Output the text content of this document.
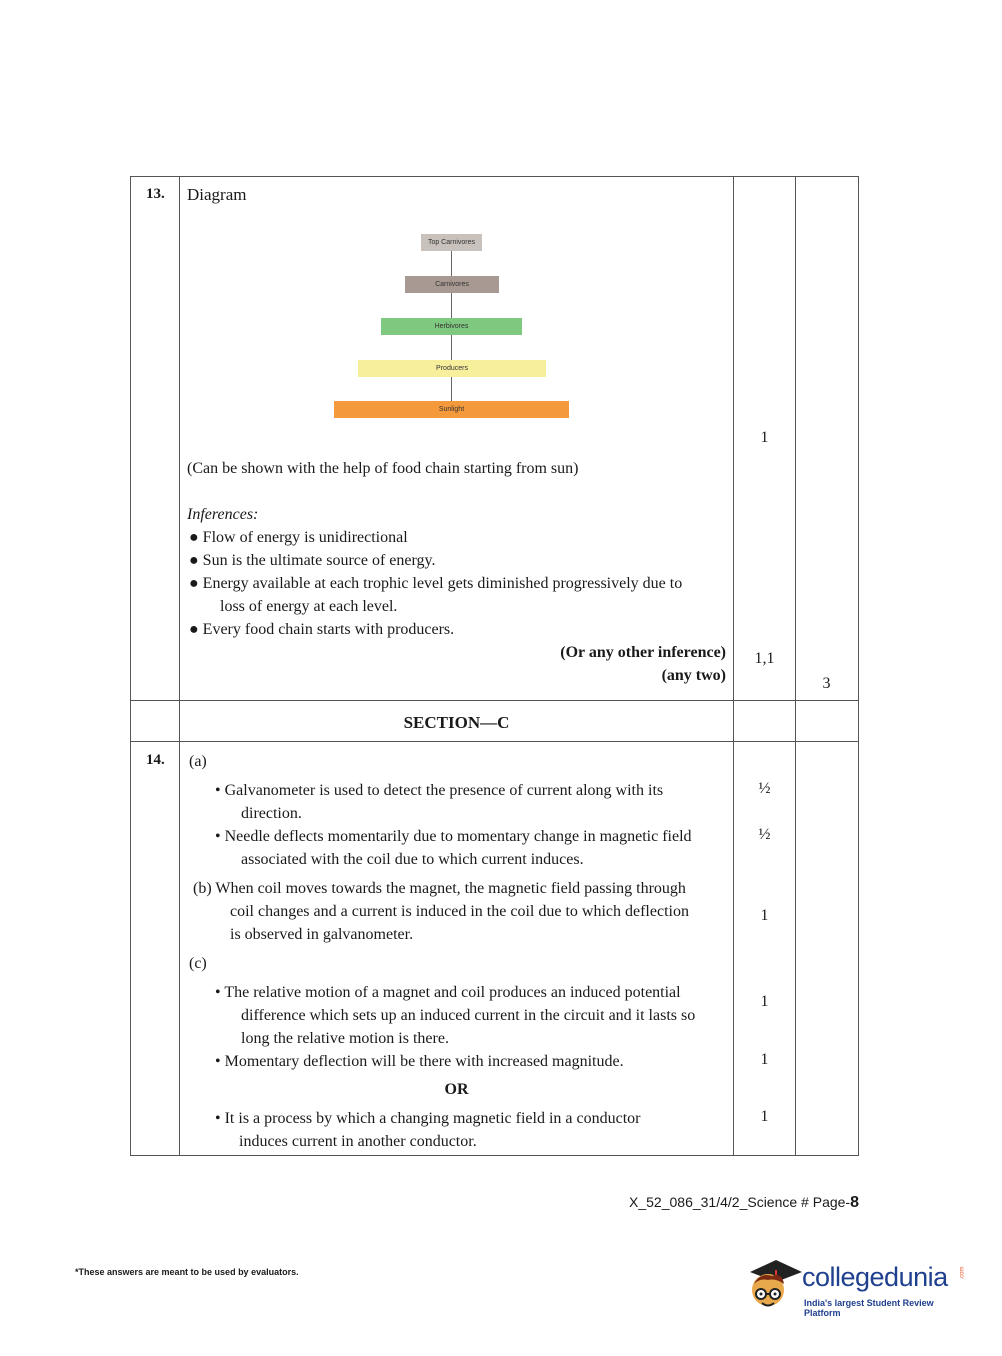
13. Diagram
Top Carnivores
Carnivores
Herbivores
Producers
Sunlight
(Can be shown with the help of food chain starting from sun)
Inferences:
● Flow of energy is unidirectional
● Sun is the ultimate source of energy.
● Energy available at each trophic level gets diminished progressively due to
loss of energy at each level.
● Every food chain starts with producers.
(Or any other inference)
(any two)
1
1,1
3
SECTION—C
14. (a)
• Galvanometer is used to detect the presence of current along with its
direction.
• Needle deflects momentarily due to momentary change in magnetic field
associated with the coil due to which current induces.
(b) When coil moves towards the magnet, the magnetic field passing through
coil changes and a current is induced in the coil due to which deflection
is observed in galvanometer.
(c)
• The relative motion of a magnet and coil produces an induced potential
difference which sets up an induced current in the circuit and it lasts so
long the relative motion is there.
• Momentary deflection will be there with increased magnitude.
OR
• It is a process by which a changing magnetic field in a conductor
induces current in another conductor.
½
½
1
1
1
1
X_52_086_31/4/2_Science # Page-8
*These answers are meant to be used by evaluators.	collegedunia .com
India's largest Student Review Platform
